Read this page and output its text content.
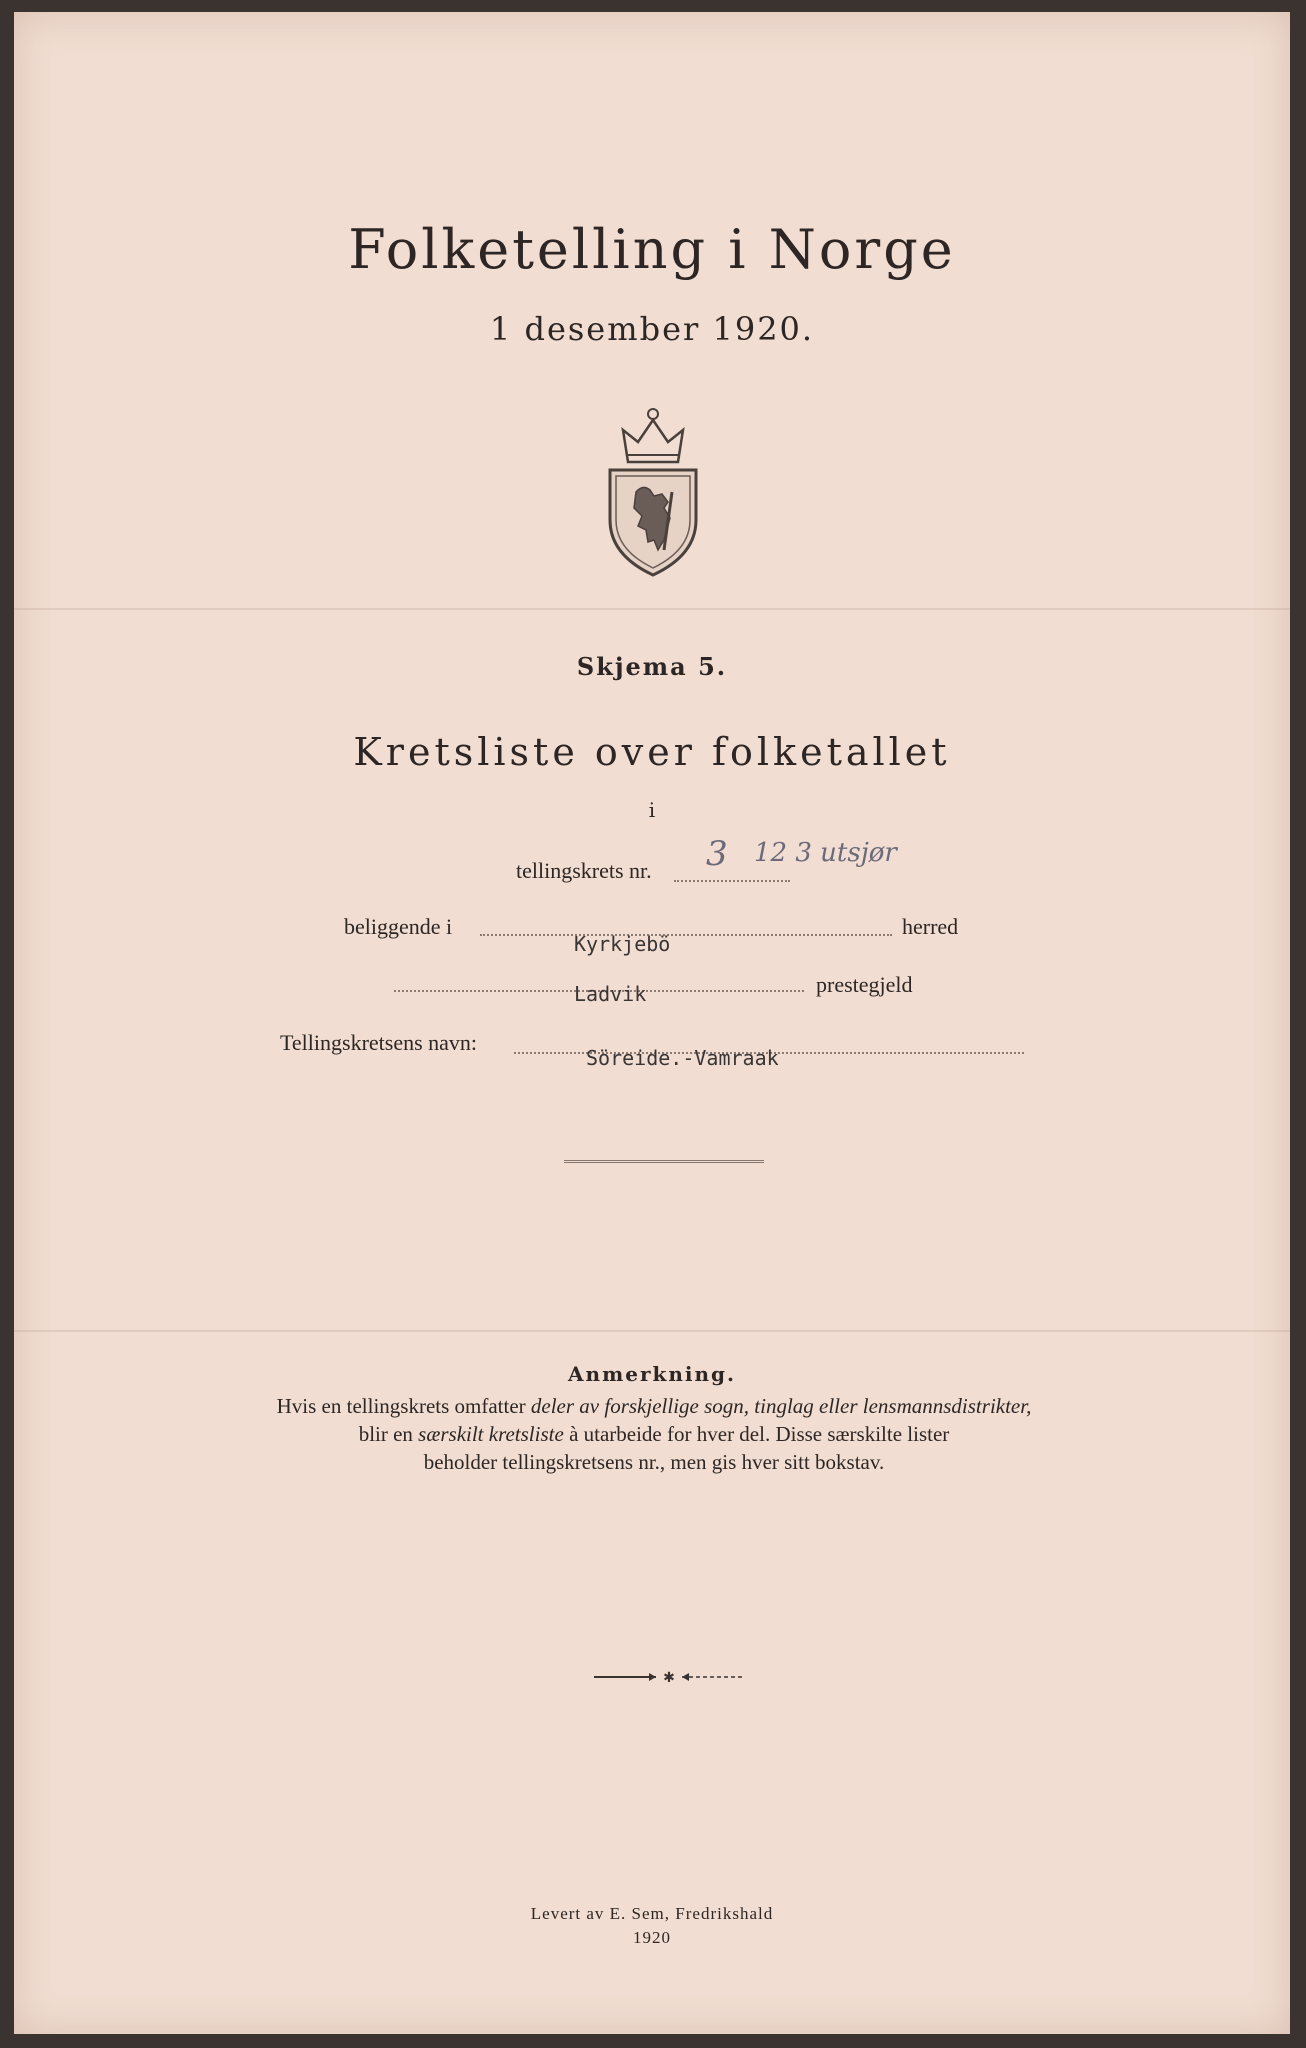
Folketelling i Norge
1 desember 1920.
Skjema 5.
Kretsliste over folketallet
i
tellingskrets nr. 3 12 3 utsjør
beliggende i
Kyrkjebö
herred
Ladvik	prestegjeld
Tellingskretsens navn:
Söreide.-Vamraak
Anmerkning.
Hvis en tellingskrets omfatter deler av forskjellige sogn, tinglag eller lensmannsdistrikter,
blir en særskilt kretsliste à utarbeide for hver del. Disse særskilte lister
beholder tellingskretsens nr., men gis hver sitt bokstav.
✱
Levert av E. Sem, Fredrikshald
1920
